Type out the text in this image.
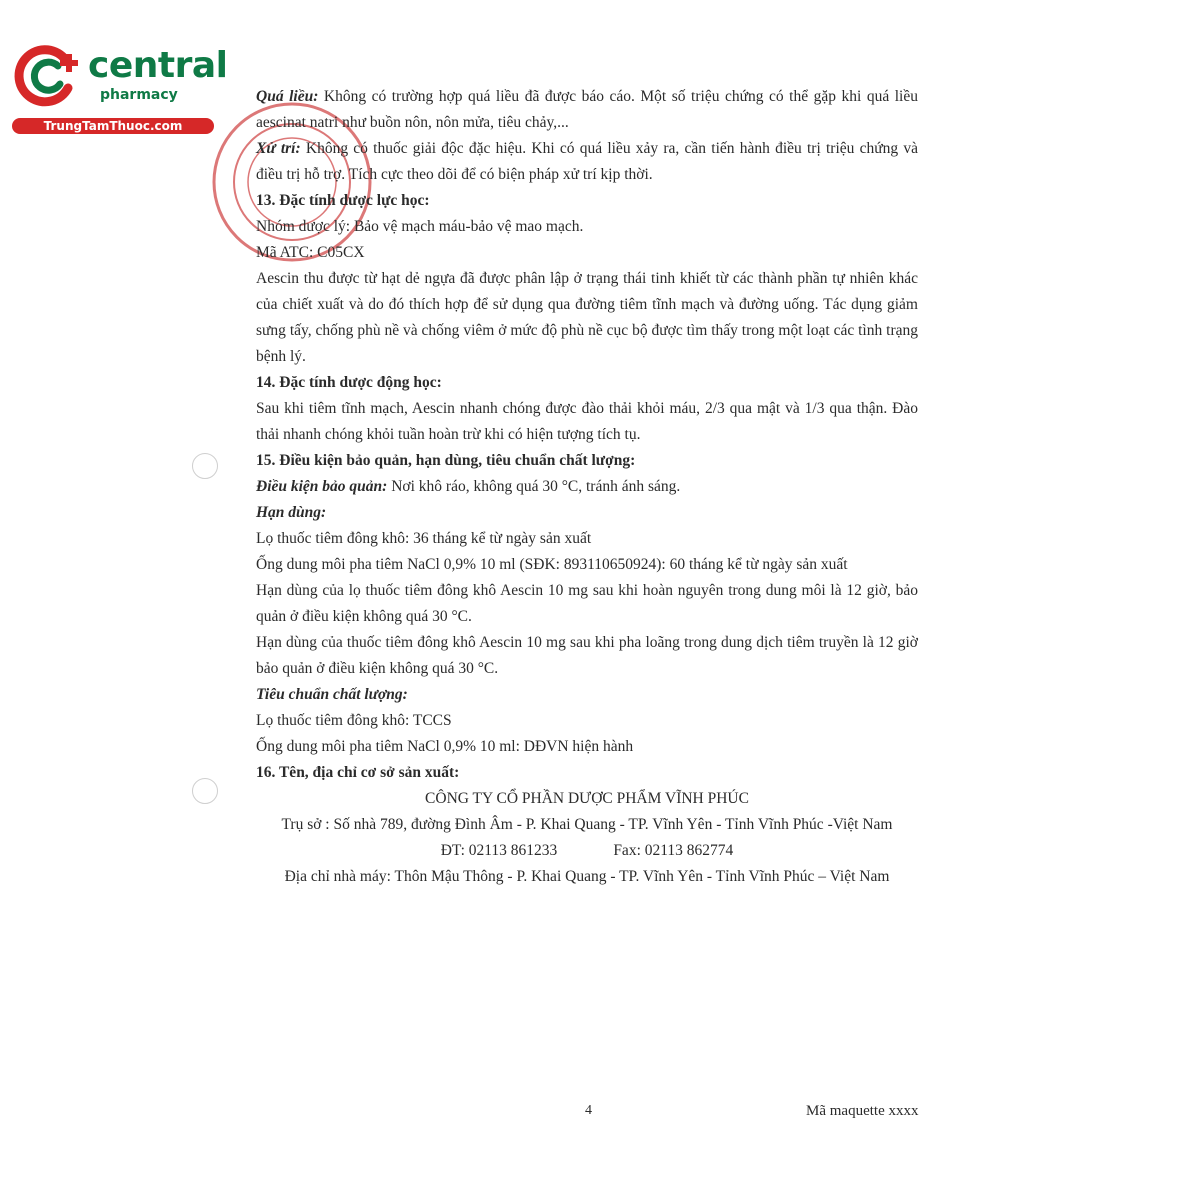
central
pharmacy
TrungTamThuoc.com

Quá liều: Không có trường hợp quá liều đã được báo cáo. Một số triệu chứng có thể gặp khi quá liều aescinat natri như buồn nôn, nôn mửa, tiêu chảy,...

Xử trí: Không có thuốc giải độc đặc hiệu. Khi có quá liều xảy ra, cần tiến hành điều trị triệu chứng và điều trị hỗ trợ. Tích cực theo dõi để có biện pháp xử trí kịp thời.

13. Đặc tính dược lực học:

Nhóm dược lý: Bảo vệ mạch máu-bảo vệ mao mạch.

Mã ATC: C05CX

Aescin thu được từ hạt dẻ ngựa đã được phân lập ở trạng thái tinh khiết từ các thành phần tự nhiên khác của chiết xuất và do đó thích hợp để sử dụng qua đường tiêm tĩnh mạch và đường uống. Tác dụng giảm sưng tấy, chống phù nề và chống viêm ở mức độ phù nề cục bộ được tìm thấy trong một loạt các tình trạng bệnh lý.

14. Đặc tính dược động học:

Sau khi tiêm tĩnh mạch, Aescin nhanh chóng được đào thải khỏi máu, 2/3 qua mật và 1/3 qua thận. Đào thải nhanh chóng khỏi tuần hoàn trừ khi có hiện tượng tích tụ.

15. Điều kiện bảo quản, hạn dùng, tiêu chuẩn chất lượng:

Điều kiện bảo quản: Nơi khô ráo, không quá 30 °C, tránh ánh sáng.

Hạn dùng:

Lọ thuốc tiêm đông khô: 36 tháng kể từ ngày sản xuất

Ống dung môi pha tiêm NaCl 0,9% 10 ml (SĐK: 893110650924): 60 tháng kể từ ngày sản xuất

Hạn dùng của lọ thuốc tiêm đông khô Aescin 10 mg sau khi hoàn nguyên trong dung môi là 12 giờ, bảo quản ở điều kiện không quá 30 °C.

Hạn dùng của thuốc tiêm đông khô Aescin 10 mg sau khi pha loãng trong dung dịch tiêm truyền là 12 giờ bảo quản ở điều kiện không quá 30 °C.

Tiêu chuẩn chất lượng:

Lọ thuốc tiêm đông khô: TCCS

Ống dung môi pha tiêm NaCl 0,9% 10 ml: DĐVN hiện hành

16. Tên, địa chỉ cơ sở sản xuất:

CÔNG TY CỔ PHẦN DƯỢC PHẨM VĨNH PHÚC

Trụ sở : Số nhà 789, đường Đình Âm - P. Khai Quang - TP. Vĩnh Yên - Tỉnh Vĩnh Phúc -Việt Nam

ĐT: 02113 861233	Fax: 02113 862774

Địa chỉ nhà máy: Thôn Mậu Thông - P. Khai Quang - TP. Vĩnh Yên - Tỉnh Vĩnh Phúc – Việt Nam

4	Mã maquette xxxx
